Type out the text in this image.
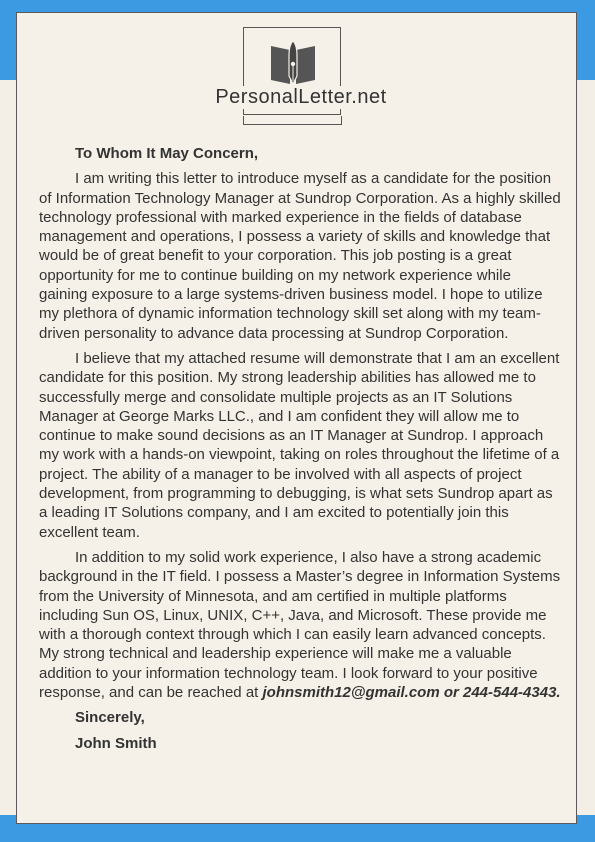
PersonalLetter.net

To Whom It May Concern,

I am writing this letter to introduce myself as a candidate for the position of Information Technology Manager at Sundrop Corporation. As a highly skilled technology professional with marked experience in the fields of database management and operations, I possess a variety of skills and knowledge that would be of great benefit to your corporation. This job posting is a great opportunity for me to continue building on my network experience while gaining exposure to a large systems-driven business model. I hope to utilize my plethora of dynamic information technology skill set along with my team-driven personality to advance data processing at Sundrop Corporation.

I believe that my attached resume will demonstrate that I am an excellent candidate for this position. My strong leadership abilities has allowed me to successfully merge and consolidate multiple projects as an IT Solutions Manager at George Marks LLC., and I am confident they will allow me to continue to make sound decisions as an IT Manager at Sundrop. I approach my work with a hands-on viewpoint, taking on roles throughout the lifetime of a project. The ability of a manager to be involved with all aspects of project development, from programming to debugging, is what sets Sundrop apart as a leading IT Solutions company, and I am excited to potentially join this excellent team.

In addition to my solid work experience, I also have a strong academic background in the IT field. I possess a Master’s degree in Information Systems from the University of Minnesota, and am certified in multiple platforms including Sun OS, Linux, UNIX, C++, Java, and Microsoft. These provide me with a thorough context through which I can easily learn advanced concepts. My strong technical and leadership experience will make me a valuable addition to your information technology team. I look forward to your positive response, and can be reached at johnsmith12@gmail.com or 244-544-4343.

Sincerely,

John Smith
